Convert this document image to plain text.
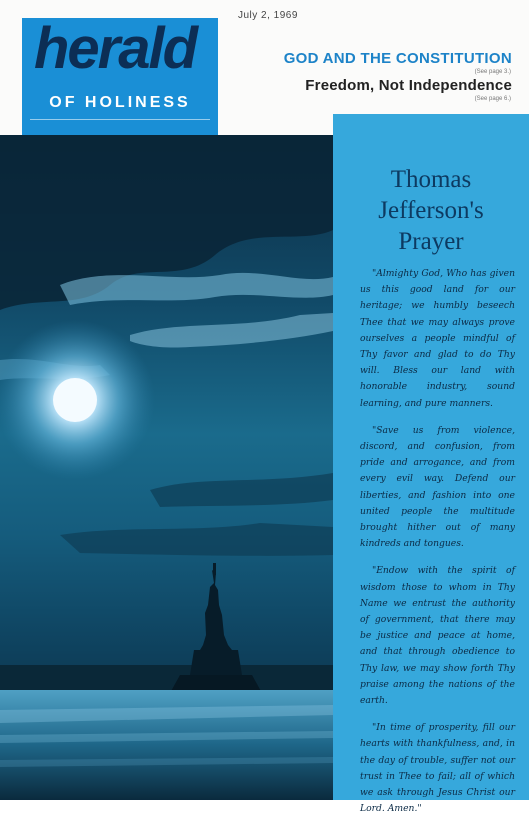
herald
OF HOLINESS
July 2, 1969
GOD AND THE CONSTITUTION
(See page 3.)
Freedom, Not Independence
(See page 6.)
Thomas
Jefferson's
Prayer

"Almighty God, Who has given us this good land for our heritage; we humbly beseech Thee that we may always prove ourselves a people mindful of Thy favor and glad to do Thy will. Bless our land with honorable industry, sound learning, and pure manners.

"Save us from violence, discord, and confusion, from pride and arrogance, and from every evil way. Defend our liberties, and fashion into one united people the multitude brought hither out of many kindreds and tongues.

"Endow with the spirit of wisdom those to whom in Thy Name we entrust the authority of government, that there may be justice and peace at home, and that through obedience to Thy law, we may show forth Thy praise among the nations of the earth.

"In time of prosperity, fill our hearts with thankfulness, and, in the day of trouble, suffer not our trust in Thee to fail; all of which we ask through Jesus Christ our Lord. Amen."
